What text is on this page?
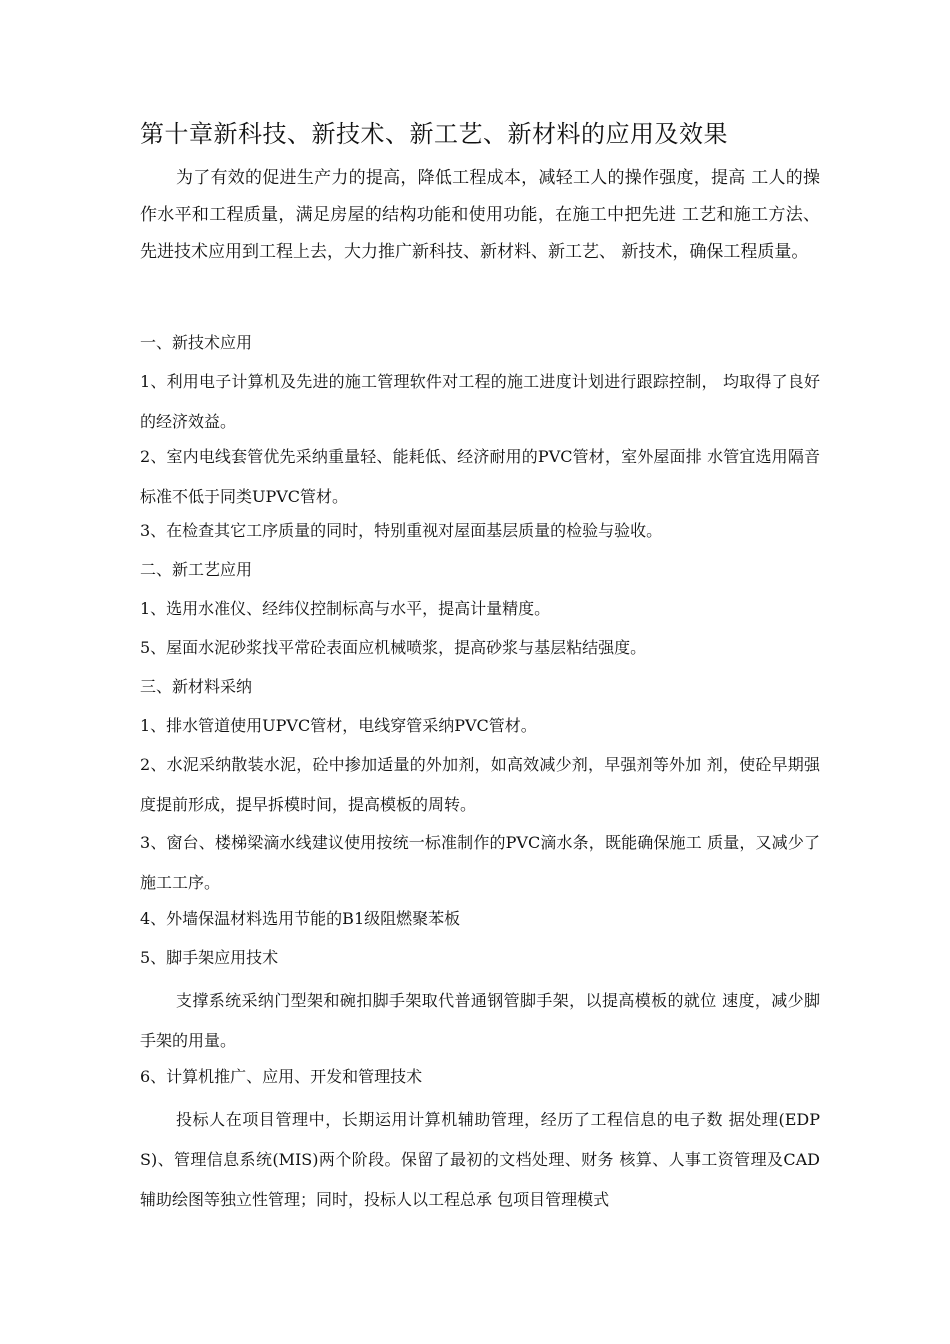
第十章新科技、新技术、新工艺、新材料的应用及效果
为了有效的促进生产力的提高，降低工程成本，减轻工人的操作强度，提高 工人的操作水平和工程质量，满足房屋的结构功能和使用功能，在施工中把先进 工艺和施工方法、先进技术应用到工程上去，大力推广新科技、新材料、新工艺、 新技术，确保工程质量。
一、新技术应用
1、利用电子计算机及先进的施工管理软件对工程的施工进度计划进行跟踪控制， 均取得了良好的经济效益。
2、室内电线套管优先采纳重量轻、能耗低、经济耐用的PVC管材，室外屋面排 水管宜选用隔音标准不低于同类UPVC管材。
3、在检查其它工序质量的同时，特别重视对屋面基层质量的检验与验收。
二、新工艺应用
1、选用水准仪、经纬仪控制标高与水平，提高计量精度。
5、屋面水泥砂浆找平常砼表面应机械喷浆，提高砂浆与基层粘结强度。
三、新材料采纳
1、排水管道使用UPVC管材，电线穿管采纳PVC管材。
2、水泥采纳散装水泥，砼中掺加适量的外加剂，如高效减少剂，早强剂等外加 剂，使砼早期强度提前形成，提早拆模时间，提高模板的周转。
3、窗台、楼梯梁滴水线建议使用按统一标准制作的PVC滴水条，既能确保施工 质量，又减少了施工工序。
4、外墙保温材料选用节能的B1级阻燃聚苯板
5、脚手架应用技术
支撑系统采纳门型架和碗扣脚手架取代普通钢管脚手架，以提高模板的就位 速度，减少脚手架的用量。
6、计算机推广、应用、开发和管理技术
投标人在项目管理中，长期运用计算机辅助管理，经历了工程信息的电子数 据处理(EDPS)、管理信息系统(MIS)两个阶段。保留了最初的文档处理、财务 核算、人事工资管理及CAD辅助绘图等独立性管理；同时，投标人以工程总承 包项目管理模式
